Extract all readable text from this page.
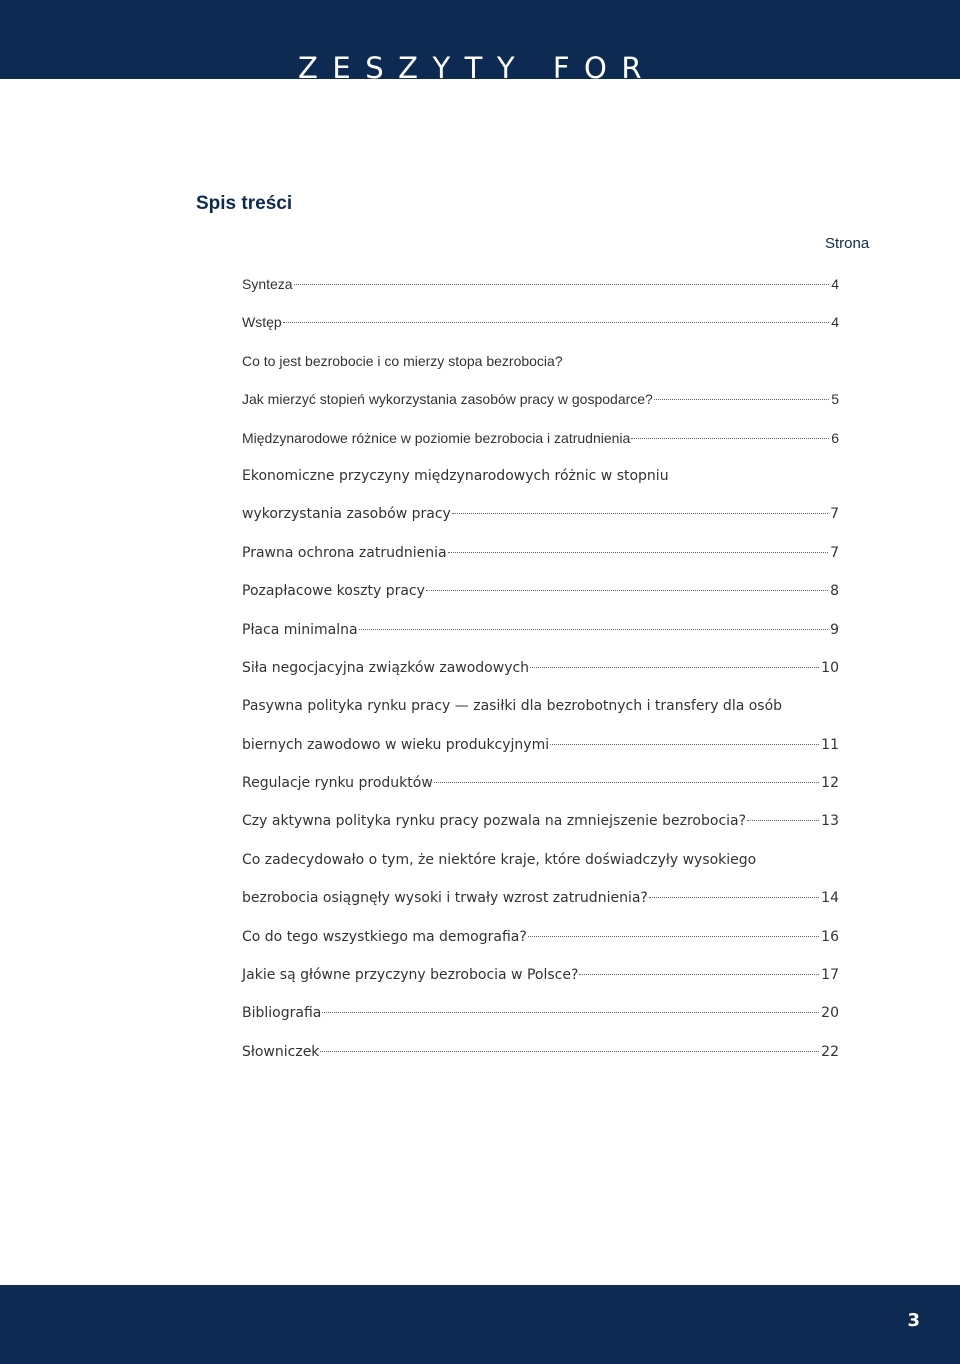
ZESZYTY FOR
Spis treści
Strona
Synteza	4
Wstęp	4
Co to jest bezrobocie i co mierzy stopa bezrobocia?
Jak mierzyć stopień wykorzystania zasobów pracy w gospodarce?	5
Międzynarodowe różnice w poziomie bezrobocia i zatrudnienia	6
Ekonomiczne przyczyny międzynarodowych różnic w stopniu
wykorzystania zasobów pracy	7
Prawna ochrona zatrudnienia	7
Pozapłacowe koszty pracy	8
Płaca minimalna	9
Siła negocjacyjna związków zawodowych	10
Pasywna polityka rynku pracy — zasiłki dla bezrobotnych i transfery dla osób
biernych zawodowo w wieku produkcyjnymi	11
Regulacje rynku produktów	12
Czy aktywna polityka rynku pracy pozwala na zmniejszenie bezrobocia?	13
Co zadecydowało o tym, że niektóre kraje, które doświadczyły wysokiego
bezrobocia osiągnęły wysoki i trwały wzrost zatrudnienia?	14
Co do tego wszystkiego ma demografia?	16
Jakie są główne przyczyny bezrobocia w Polsce?	17
Bibliografia	20
Słowniczek	22
3
